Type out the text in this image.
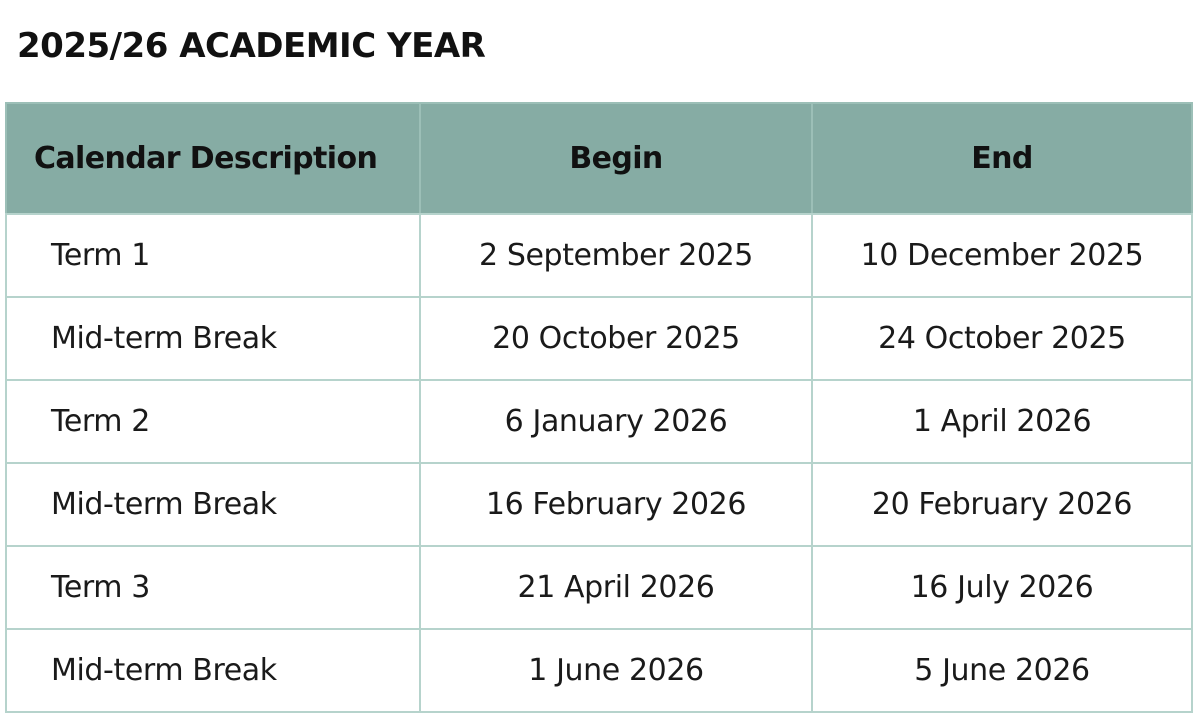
2025/26 ACADEMIC YEAR
Calendar Description	Begin	End
Term 1	2 September 2025	10 December 2025
Mid-term Break	20 October 2025	24 October 2025
Term 2	6 January 2026	1 April 2026
Mid-term Break	16 February 2026	20 February 2026
Term 3	21 April 2026	16 July 2026
Mid-term Break	1 June 2026	5 June 2026
